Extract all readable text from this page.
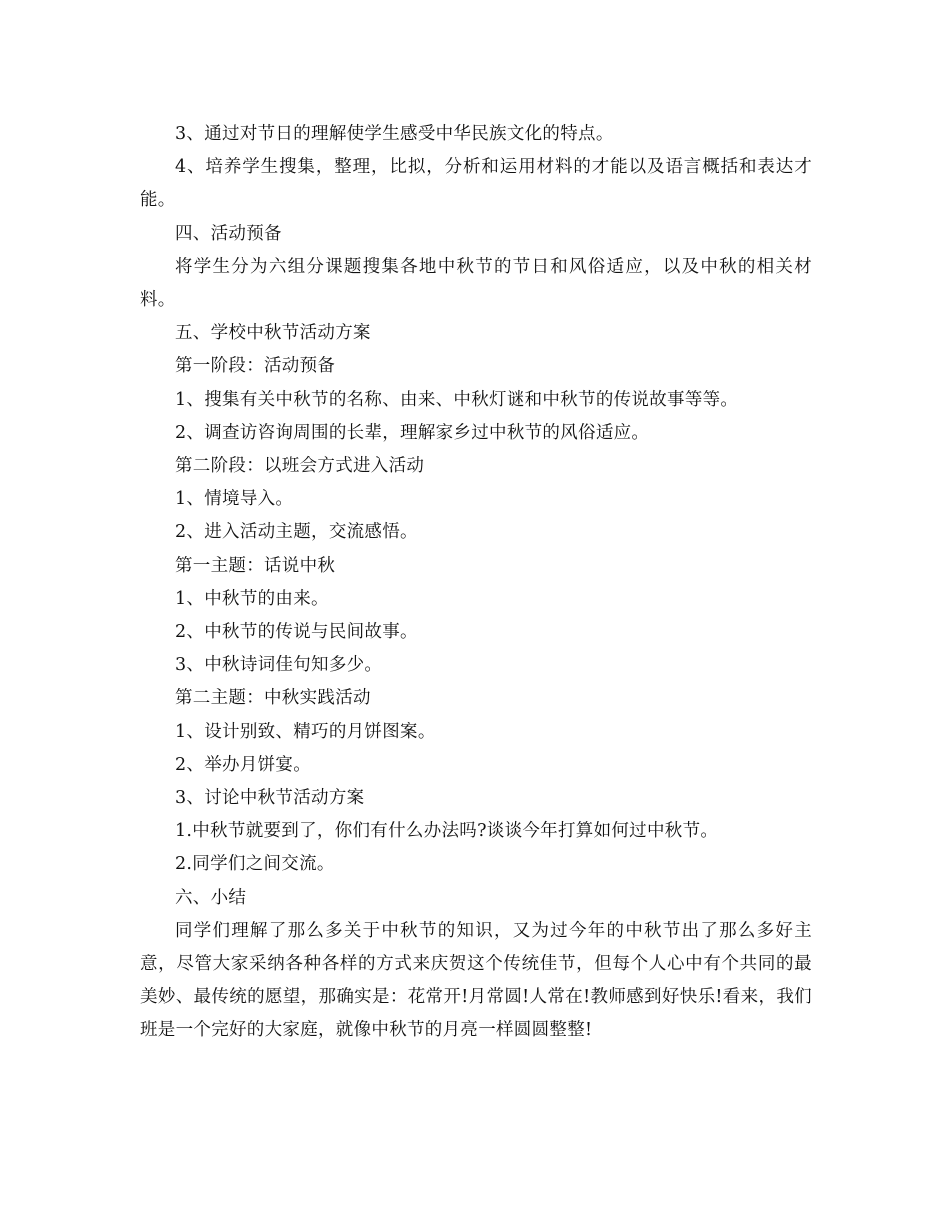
3、通过对节日的理解使学生感受中华民族文化的特点。

4、培养学生搜集，整理，比拟，分析和运用材料的才能以及语言概括和表达才能。

四、活动预备

将学生分为六组分课题搜集各地中秋节的节日和风俗适应，以及中秋的相关材料。

五、学校中秋节活动方案

第一阶段：活动预备

1、搜集有关中秋节的名称、由来、中秋灯谜和中秋节的传说故事等等。

2、调查访咨询周围的长辈，理解家乡过中秋节的风俗适应。

第二阶段：以班会方式进入活动

1、情境导入。

2、进入活动主题，交流感悟。

第一主题：话说中秋

1、中秋节的由来。

2、中秋节的传说与民间故事。

3、中秋诗词佳句知多少。

第二主题：中秋实践活动

1、设计别致、精巧的月饼图案。

2、举办月饼宴。

3、讨论中秋节活动方案

1.中秋节就要到了，你们有什么办法吗?谈谈今年打算如何过中秋节。

2.同学们之间交流。

六、小结

同学们理解了那么多关于中秋节的知识，又为过今年的中秋节出了那么多好主意，尽管大家采纳各种各样的方式来庆贺这个传统佳节，但每个人心中有个共同的最美妙、最传统的愿望，那确实是：花常开!月常圆!人常在!教师感到好快乐!看来，我们班是一个完好的大家庭，就像中秋节的月亮一样圆圆整整!
